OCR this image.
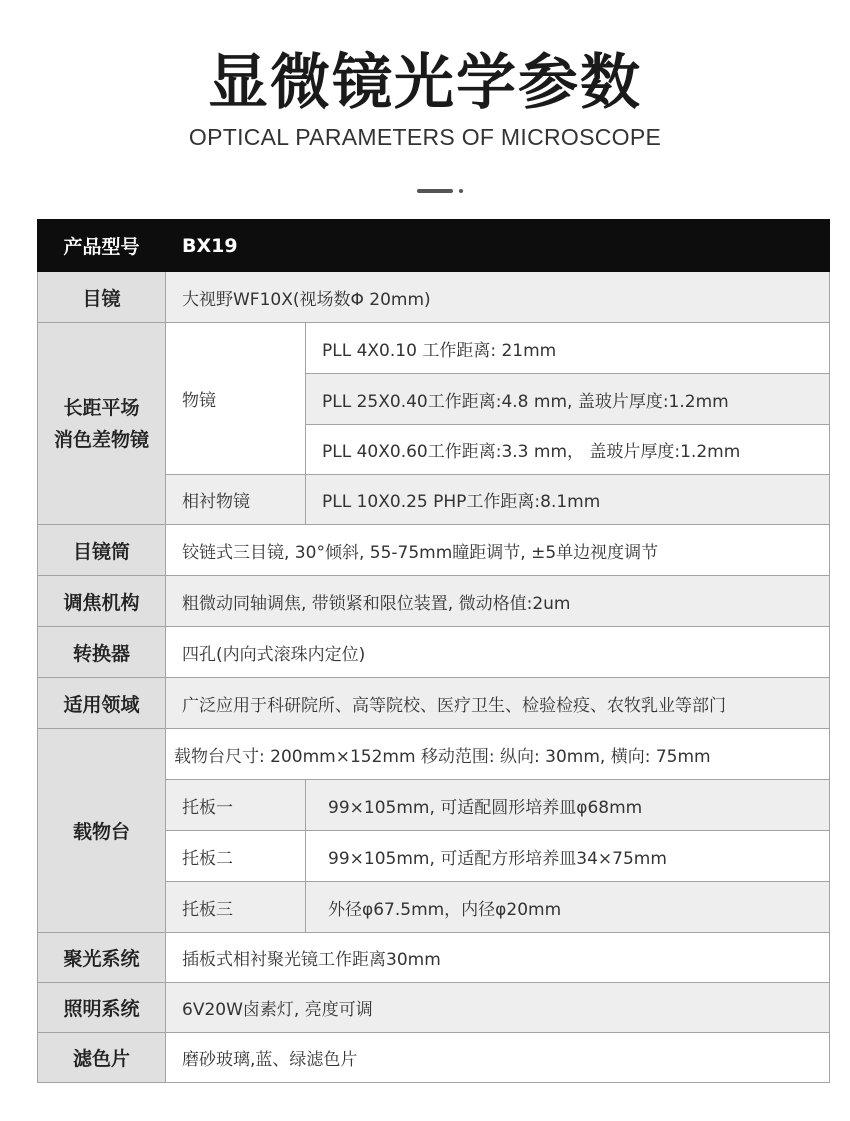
显微镜光学参数
OPTICAL PARAMETERS OF MICROSCOPE
产品型号	BX19	
目镜	大视野WF10X(视场数Φ 20mm)	
长距平场
消色差物镜	物镜	PLL 4X0.10 工作距离: 21mm
		PLL 25X0.40工作距离:4.8 mm, 盖玻片厚度:1.2mm
		PLL 40X0.60工作距离:3.3 mm， 盖玻片厚度:1.2mm
	相衬物镜	PLL 10X0.25 PHP工作距离:8.1mm
目镜筒	铰链式三目镜, 30°倾斜, 55-75mm瞳距调节, ±5单边视度调节	
调焦机构	粗微动同轴调焦, 带锁紧和限位装置, 微动格值:2um	
转换器	四孔(内向式滚珠内定位)	
适用领域	广泛应用于科研院所、高等院校、医疗卫生、检验检疫、农牧乳业等部门	
载物台	载物台尺寸: 200mm×152mm 移动范围: 纵向: 30mm, 横向: 75mm	
	托板一	99×105mm, 可适配圆形培养皿φ68mm
	托板二	99×105mm, 可适配方形培养皿34×75mm
	托板三	外径φ67.5mm，内径φ20mm
聚光系统	插板式相衬聚光镜工作距离30mm	
照明系统	6V20W卤素灯, 亮度可调	
滤色片	磨砂玻璃,蓝、绿滤色片	
